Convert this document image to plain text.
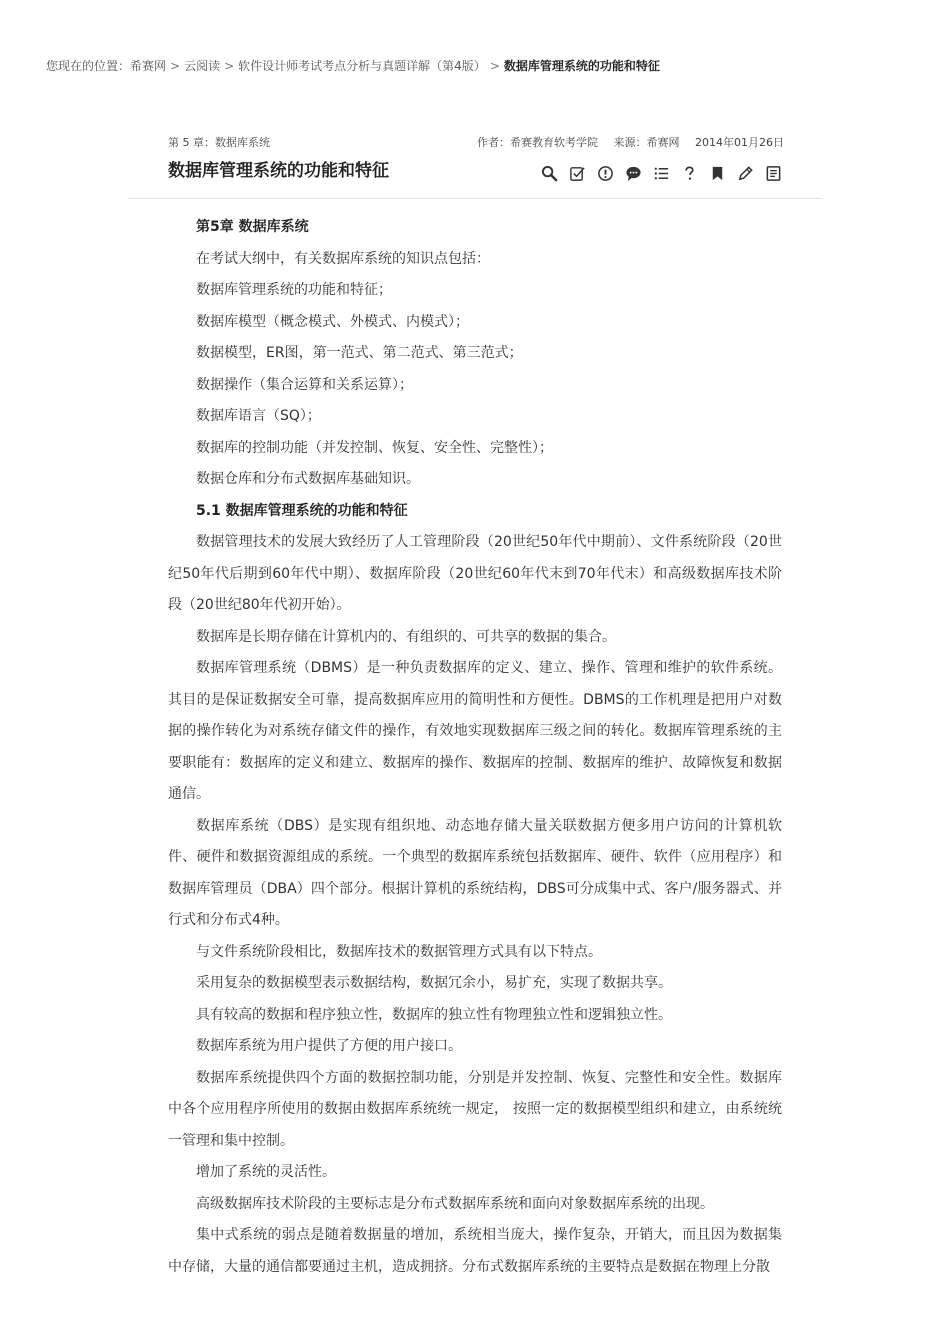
您现在的位置：希赛网 > 云阅读 > 软件设计师考试考点分析与真题详解（第4版） > 数据库管理系统的功能和特征
第 5 章：数据库系统	作者：希赛教育软考学院 来源：希赛网 2014年01月26日
数据库管理系统的功能和特征

第5章 数据库系统

在考试大纲中，有关数据库系统的知识点包括：

数据库管理系统的功能和特征；

数据库模型（概念模式、外模式、内模式）；

数据模型，ER图，第一范式、第二范式、第三范式；

数据操作（集合运算和关系运算）；

数据库语言（SQ）；

数据库的控制功能（并发控制、恢复、安全性、完整性）；

数据仓库和分布式数据库基础知识。

5.1 数据库管理系统的功能和特征

数据管理技术的发展大致经历了人工管理阶段（20世纪50年代中期前）、文件系统阶段（20世纪50年代后期到60年代中期）、数据库阶段（20世纪60年代末到70年代末）和高级数据库技术阶段（20世纪80年代初开始）。

数据库是长期存储在计算机内的、有组织的、可共享的数据的集合。

数据库管理系统（DBMS）是一种负责数据库的定义、建立、操作、管理和维护的软件系统。其目的是保证数据安全可靠，提高数据库应用的简明性和方便性。DBMS的工作机理是把用户对数据的操作转化为对系统存储文件的操作，有效地实现数据库三级之间的转化。数据库管理系统的主要职能有：数据库的定义和建立、数据库的操作、数据库的控制、数据库的维护、故障恢复和数据通信。

数据库系统（DBS）是实现有组织地、动态地存储大量关联数据方便多用户访问的计算机软件、硬件和数据资源组成的系统。一个典型的数据库系统包括数据库、硬件、软件（应用程序）和数据库管理员（DBA）四个部分。根据计算机的系统结构，DBS可分成集中式、客户/服务器式、并行式和分布式4种。

与文件系统阶段相比，数据库技术的数据管理方式具有以下特点。

采用复杂的数据模型表示数据结构，数据冗余小，易扩充，实现了数据共享。

具有较高的数据和程序独立性，数据库的独立性有物理独立性和逻辑独立性。

数据库系统为用户提供了方便的用户接口。

数据库系统提供四个方面的数据控制功能，分别是并发控制、恢复、完整性和安全性。数据库中各个应用程序所使用的数据由数据库系统统一规定， 按照一定的数据模型组织和建立，由系统统一管理和集中控制。

增加了系统的灵活性。

高级数据库技术阶段的主要标志是分布式数据库系统和面向对象数据库系统的出现。

集中式系统的弱点是随着数据量的增加，系统相当庞大，操作复杂，开销大，而且因为数据集中存储，大量的通信都要通过主机，造成拥挤。分布式数据库系统的主要特点是数据在物理上分散
